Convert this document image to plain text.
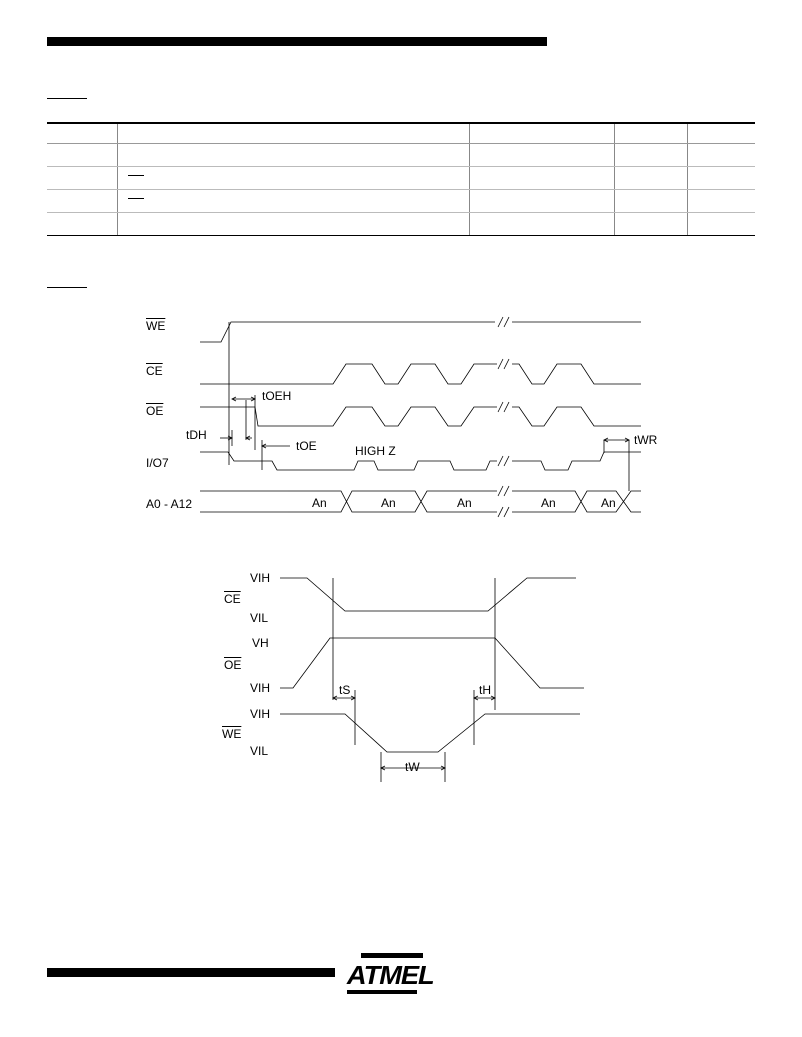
$\overline{WE}$
$\overline{CE}$
$\overline{OE}$
I/O7
A0 - A12
tOEH
tDH
tOE	HIGH Z
tWR
An	An	An	An	An
VIH
$\overline{CE}$
VIL
VH
$\overline{OE}$
VIH
VIH
$\overline{WE}$
VIL
tS	tH
tW
ATMEL
